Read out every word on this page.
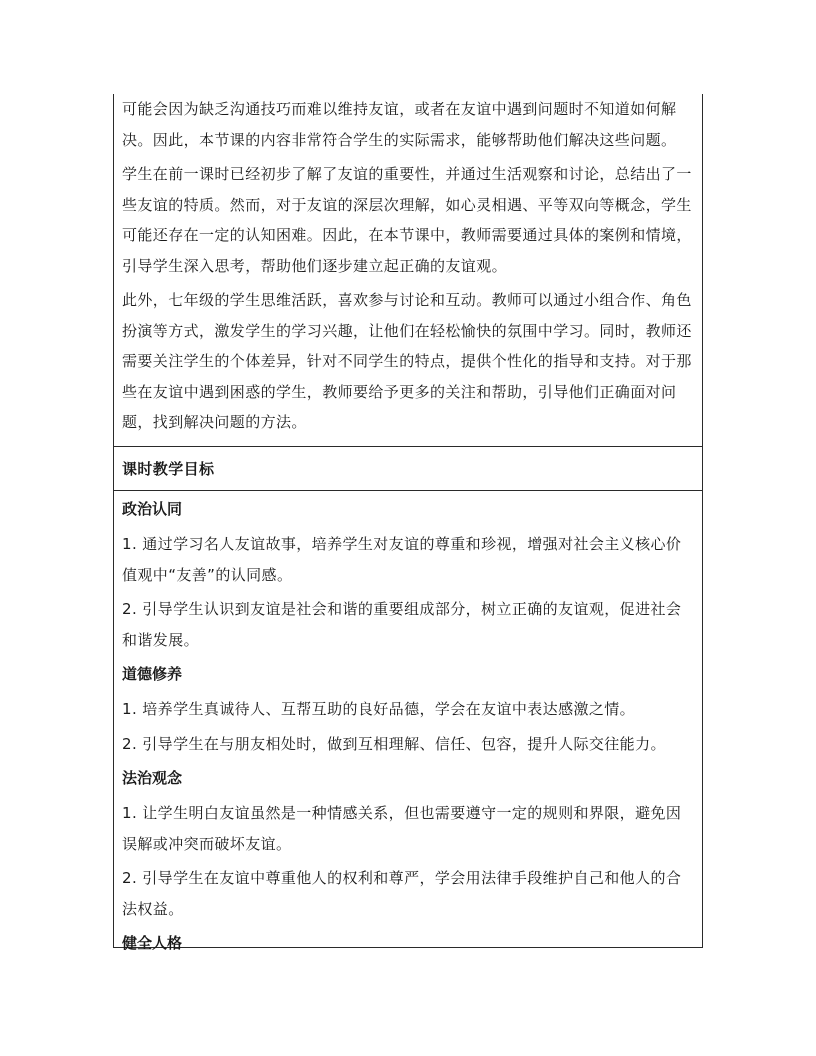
可能会因为缺乏沟通技巧而难以维持友谊，或者在友谊中遇到问题时不知道如何解决。因此，本节课的内容非常符合学生的实际需求，能够帮助他们解决这些问题。

学生在前一课时已经初步了解了友谊的重要性，并通过生活观察和讨论，总结出了一些友谊的特质。然而，对于友谊的深层次理解，如心灵相遇、平等双向等概念，学生可能还存在一定的认知困难。因此，在本节课中，教师需要通过具体的案例和情境，引导学生深入思考，帮助他们逐步建立起正确的友谊观。

此外，七年级的学生思维活跃，喜欢参与讨论和互动。教师可以通过小组合作、角色扮演等方式，激发学生的学习兴趣，让他们在轻松愉快的氛围中学习。同时，教师还需要关注学生的个体差异，针对不同学生的特点，提供个性化的指导和支持。对于那些在友谊中遇到困惑的学生，教师要给予更多的关注和帮助，引导他们正确面对问题，找到解决问题的方法。

课时教学目标
政治认同

1. 通过学习名人友谊故事，培养学生对友谊的尊重和珍视，增强对社会主义核心价值观中“友善”的认同感。

2. 引导学生认识到友谊是社会和谐的重要组成部分，树立正确的友谊观，促进社会和谐发展。

道德修养

1. 培养学生真诚待人、互帮互助的良好品德，学会在友谊中表达感激之情。

2. 引导学生在与朋友相处时，做到互相理解、信任、包容，提升人际交往能力。

法治观念

1. 让学生明白友谊虽然是一种情感关系，但也需要遵守一定的规则和界限，避免因误解或冲突而破坏友谊。

2. 引导学生在友谊中尊重他人的权利和尊严，学会用法律手段维护自己和他人的合法权益。

健全人格
